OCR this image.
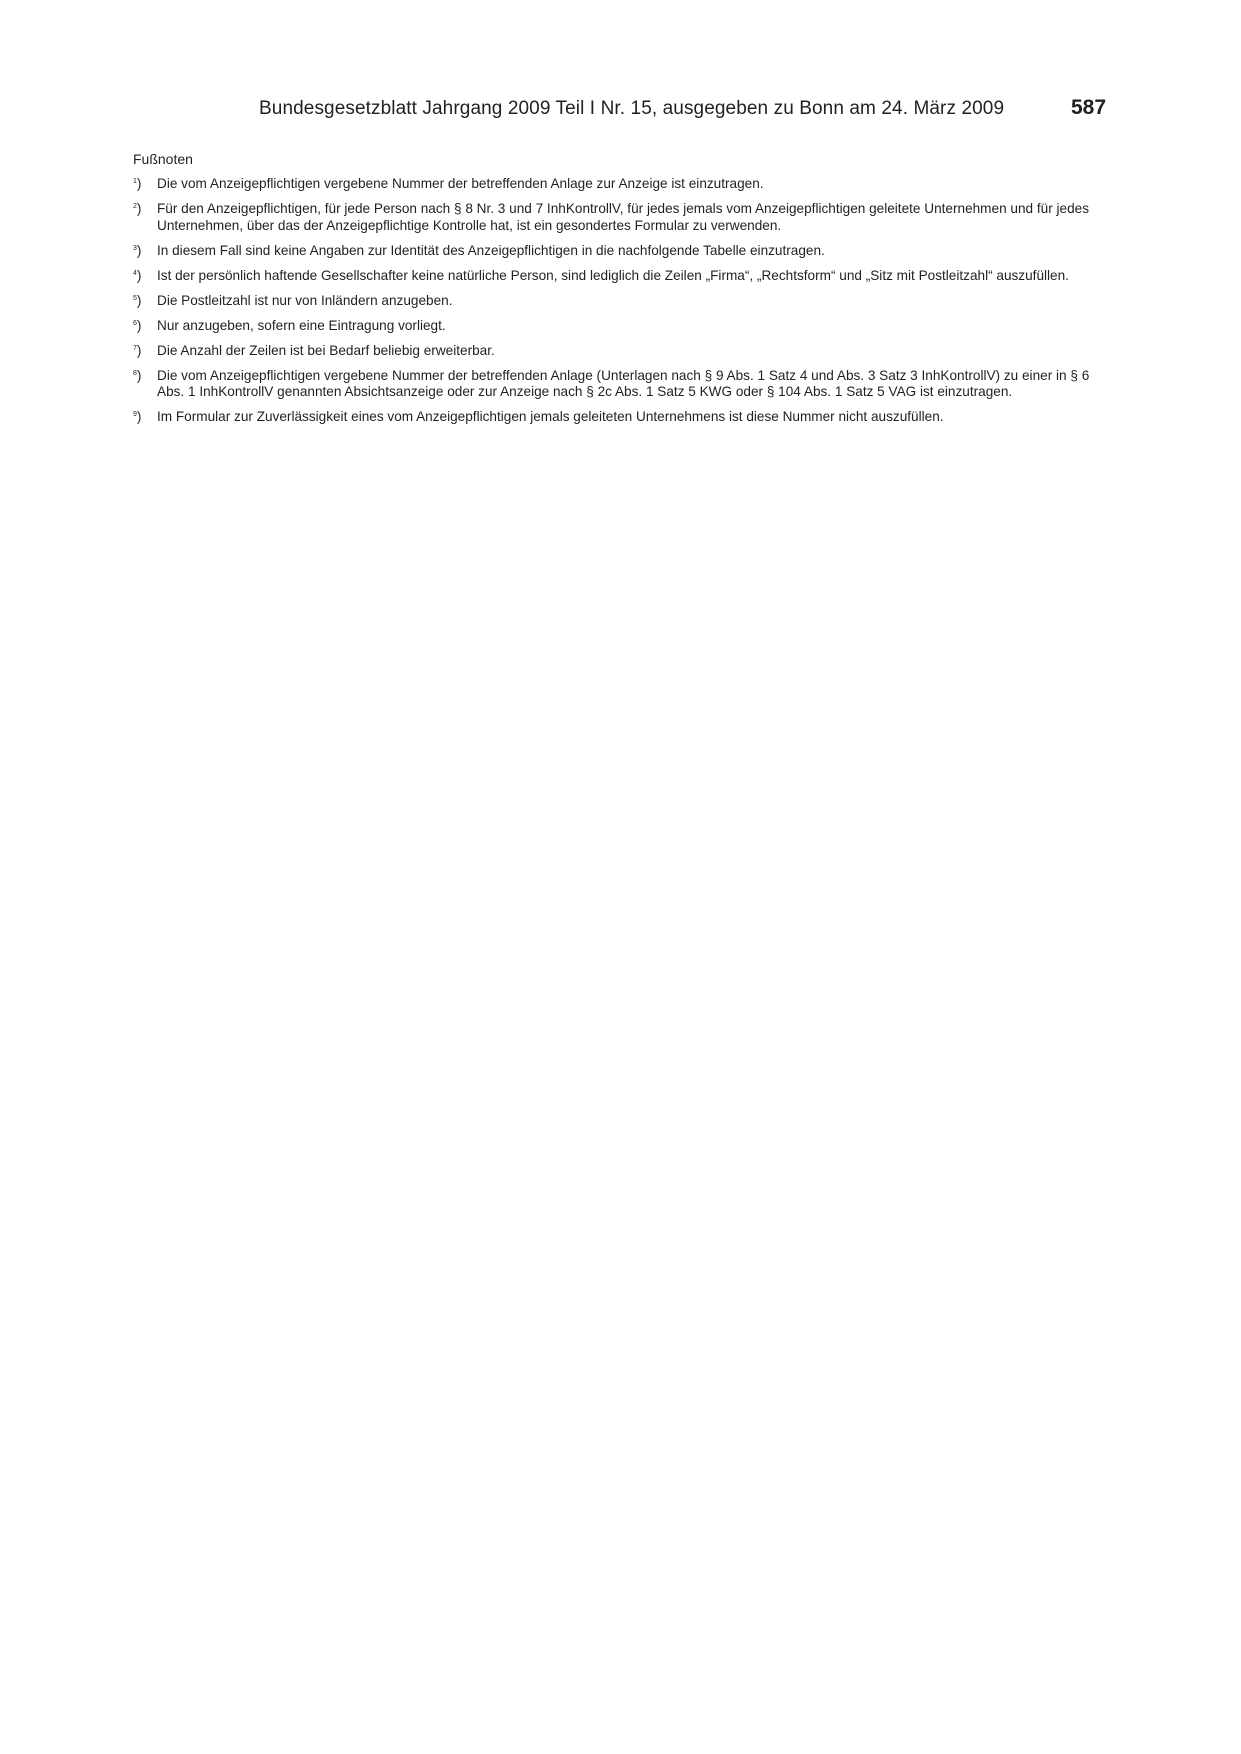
Bundesgesetzblatt Jahrgang 2009 Teil I Nr. 15, ausgegeben zu Bonn am 24. März 2009	587
Fußnoten
$^1$)	Die vom Anzeigepflichtigen vergebene Nummer der betreffenden Anlage zur Anzeige ist einzutragen.
$^2$)	Für den Anzeigepflichtigen, für jede Person nach § 8 Nr. 3 und 7 InhKontrollV, für jedes jemals vom Anzeigepflichtigen geleitete Unternehmen und für jedes Unternehmen, über das der Anzeigepflichtige Kontrolle hat, ist ein gesondertes Formular zu verwenden.
$^3$)	In diesem Fall sind keine Angaben zur Identität des Anzeigepflichtigen in die nachfolgende Tabelle einzutragen.
$^4$)	Ist der persönlich haftende Gesellschafter keine natürliche Person, sind lediglich die Zeilen „Firma“, „Rechtsform“ und „Sitz mit Postleitzahl“ auszufüllen.
$^5$)	Die Postleitzahl ist nur von Inländern anzugeben.
$^6$)	Nur anzugeben, sofern eine Eintragung vorliegt.
$^7$)	Die Anzahl der Zeilen ist bei Bedarf beliebig erweiterbar.
$^8$)	Die vom Anzeigepflichtigen vergebene Nummer der betreffenden Anlage (Unterlagen nach § 9 Abs. 1 Satz 4 und Abs. 3 Satz 3 InhKontrollV) zu einer in § 6 Abs. 1 InhKontrollV genannten Absichtsanzeige oder zur Anzeige nach § 2c Abs. 1 Satz 5 KWG oder § 104 Abs. 1 Satz 5 VAG ist einzutragen.
$^9$)	Im Formular zur Zuverlässigkeit eines vom Anzeigepflichtigen jemals geleiteten Unternehmens ist diese Nummer nicht auszufüllen.
